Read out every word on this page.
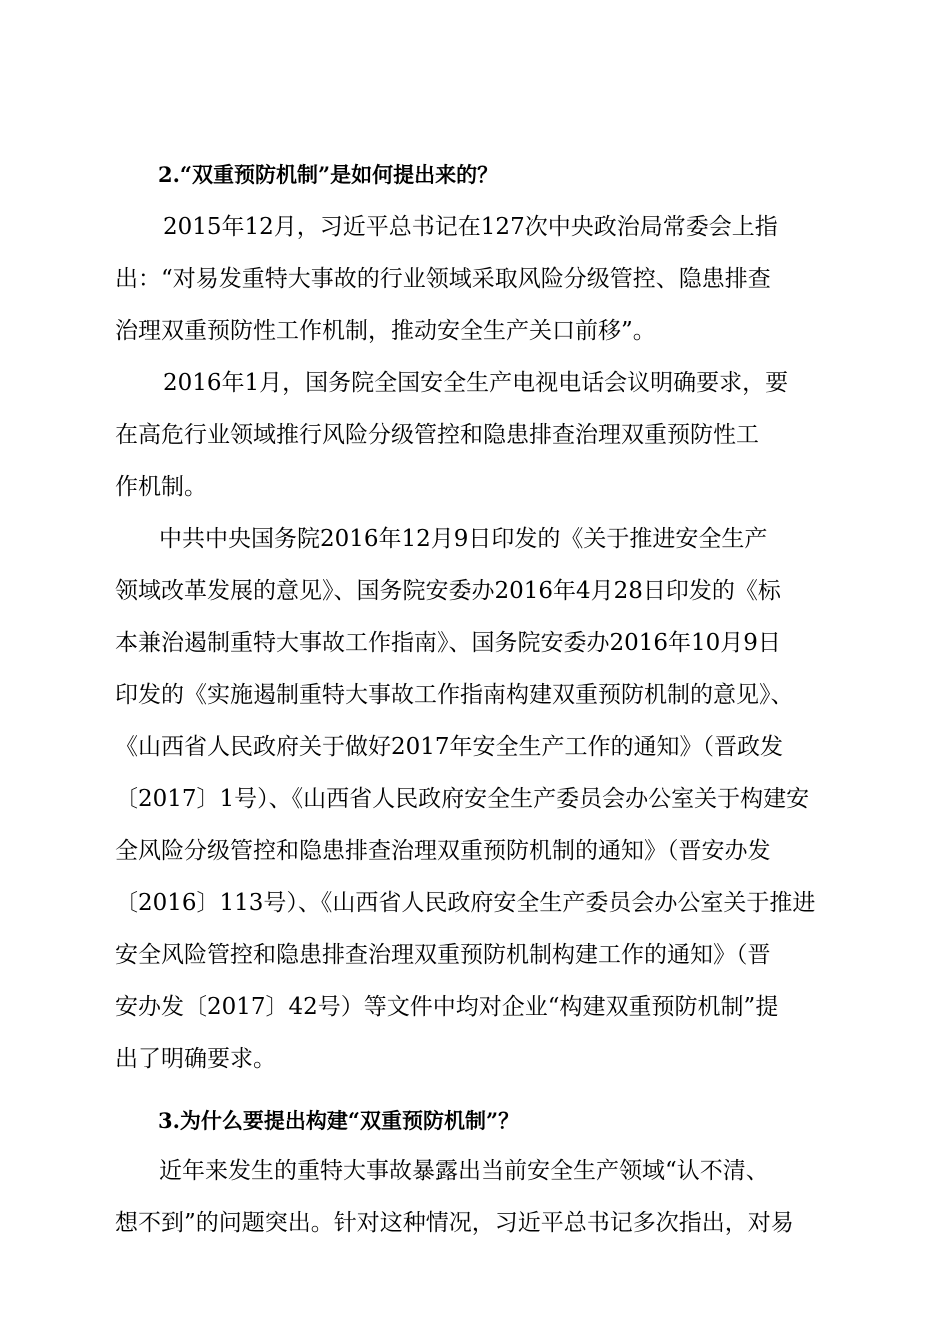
2.“双重预防机制”是如何提出来的？

2015年12月，习近平总书记在127次中央政治局常委会上指
出：“对易发重特大事故的行业领域采取风险分级管控、隐患排查
治理双重预防性工作机制，推动安全生产关口前移”。

2016年1月，国务院全国安全生产电视电话会议明确要求，要
在高危行业领域推行风险分级管控和隐患排查治理双重预防性工
作机制。

中共中央国务院2016年12月9日印发的《关于推进安全生产
领域改革发展的意见》、国务院安委办2016年4月28日印发的《标
本兼治遏制重特大事故工作指南》、国务院安委办2016年10月9日
印发的《实施遏制重特大事故工作指南构建双重预防机制的意见》、
《山西省人民政府关于做好2017年安全生产工作的通知》（晋政发
〔2017〕1号）、《山西省人民政府安全生产委员会办公室关于构建安
全风险分级管控和隐患排查治理双重预防机制的通知》（晋安办发
〔2016〕113号）、《山西省人民政府安全生产委员会办公室关于推进
安全风险管控和隐患排查治理双重预防机制构建工作的通知》（晋
安办发〔2017〕42号）等文件中均对企业“构建双重预防机制”提
出了明确要求。

3.为什么要提出构建“双重预防机制”？

近年来发生的重特大事故暴露出当前安全生产领域“认不清、
想不到”的问题突出。针对这种情况，习近平总书记多次指出，对易
